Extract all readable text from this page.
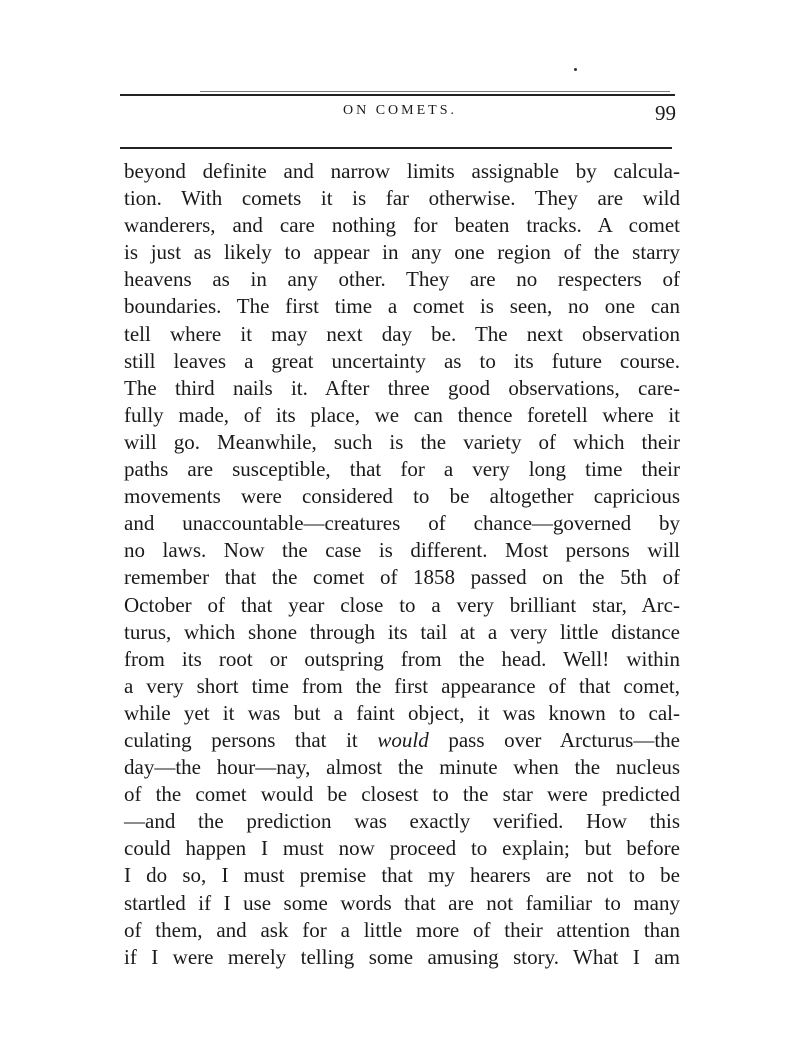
ON COMETS.	99
beyond definite and narrow limits assignable by calcula-
tion. With comets it is far otherwise. They are wild
wanderers, and care nothing for beaten tracks. A comet
is just as likely to appear in any one region of the starry
heavens as in any other. They are no respecters of
boundaries. The first time a comet is seen, no one can
tell where it may next day be. The next observation
still leaves a great uncertainty as to its future course.
The third nails it. After three good observations, care-
fully made, of its place, we can thence foretell where it
will go. Meanwhile, such is the variety of which their
paths are susceptible, that for a very long time their
movements were considered to be altogether capricious
and unaccountable—creatures of chance—governed by
no laws. Now the case is different. Most persons will
remember that the comet of 1858 passed on the 5th of
October of that year close to a very brilliant star, Arc-
turus, which shone through its tail at a very little distance
from its root or outspring from the head. Well! within
a very short time from the first appearance of that comet,
while yet it was but a faint object, it was known to cal-
culating persons that it would pass over Arcturus—the
day—the hour—nay, almost the minute when the nucleus
of the comet would be closest to the star were predicted
—and the prediction was exactly verified. How this
could happen I must now proceed to explain; but before
I do so, I must premise that my hearers are not to be
startled if I use some words that are not familiar to many
of them, and ask for a little more of their attention than
if I were merely telling some amusing story. What I am
